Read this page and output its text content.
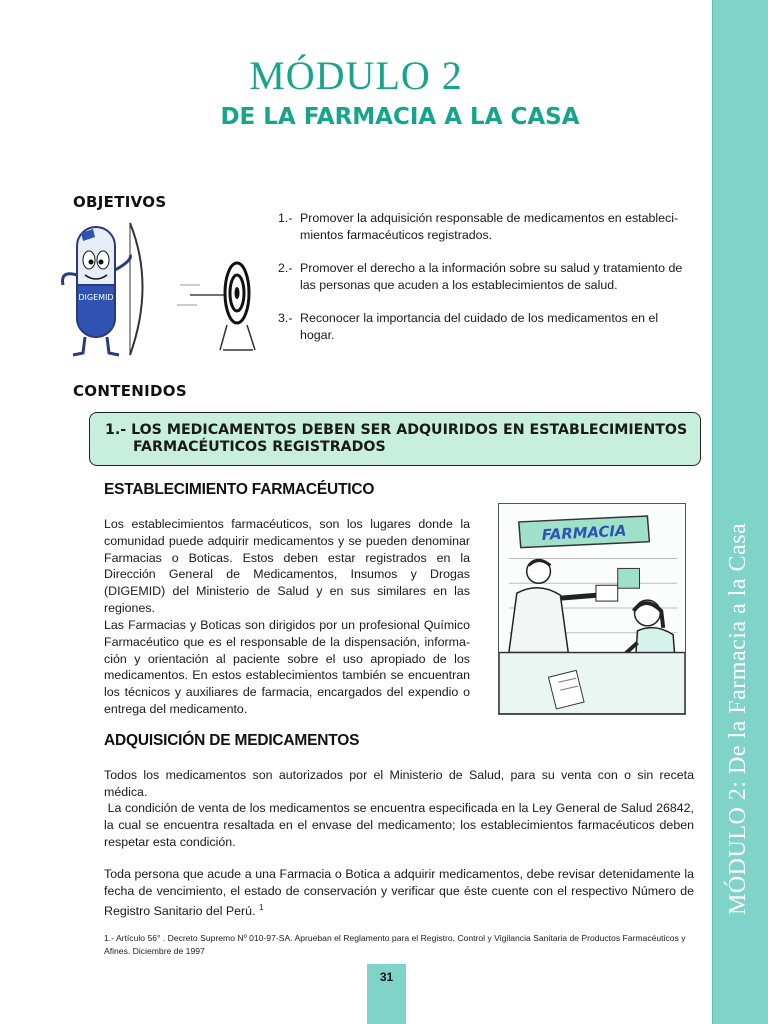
MÓDULO 2: De la Farmacia a la Casa
MÓDULO 2
DE LA FARMACIA A LA CASA
OBJETIVOS
DIGEMID
1.- Promover la adquisición responsable de medicamentos en estableci-mientos farmacéuticos registrados.
2.- Promover el derecho a la información sobre su salud y tratamiento de las personas que acuden a los establecimientos de salud.
3.- Reconocer la importancia del cuidado de los medicamentos en el hogar.
CONTENIDOS
1.- LOS MEDICAMENTOS DEBEN SER ADQUIRIDOS EN ESTABLECIMIENTOS
FARMACÉUTICOS REGISTRADOS
ESTABLECIMIENTO FARMACÉUTICO

Los establecimientos farmacéuticos, son los lugares donde la comunidad puede adquirir medicamentos y se pueden denominar Farmacias o Boticas. Estos deben estar registrados en la Dirección General de Medicamentos, Insumos y Drogas (DIGEMID) del Ministerio de Salud y en sus similares en las regiones.

Las Farmacias y Boticas son dirigidos por un profesional Químico Farmacéutico que es el responsable de la dispensación, informa-ción y orientación al paciente sobre el uso apropiado de los medicamentos. En estos establecimientos también se encuentran los técnicos y auxiliares de farmacia, encargados del expendio o entrega del medicamento.

FARMACIA
ADQUISICIÓN DE MEDICAMENTOS

Todos los medicamentos son autorizados por el Ministerio de Salud, para su venta con o sin receta médica.

La condición de venta de los medicamentos se encuentra especificada en la Ley General de Salud 26842, la cual se encuentra resaltada en el envase del medicamento; los establecimientos farmacéuticos deben respetar esta condición.

Toda persona que acude a una Farmacia o Botica a adquirir medicamentos, debe revisar detenidamente la fecha de vencimiento, el estado de conservación y verificar que éste cuente con el respectivo Número de Registro Sanitario del Perú. $^1$

1.- Artículo 56° . Decreto Supremo Nº 010-97-SA. Aprueban el Reglamento para el Registro, Control y Vigilancia Sanitaria de Productos Farmacéuticos y Afines. Diciembre de 1997
31
